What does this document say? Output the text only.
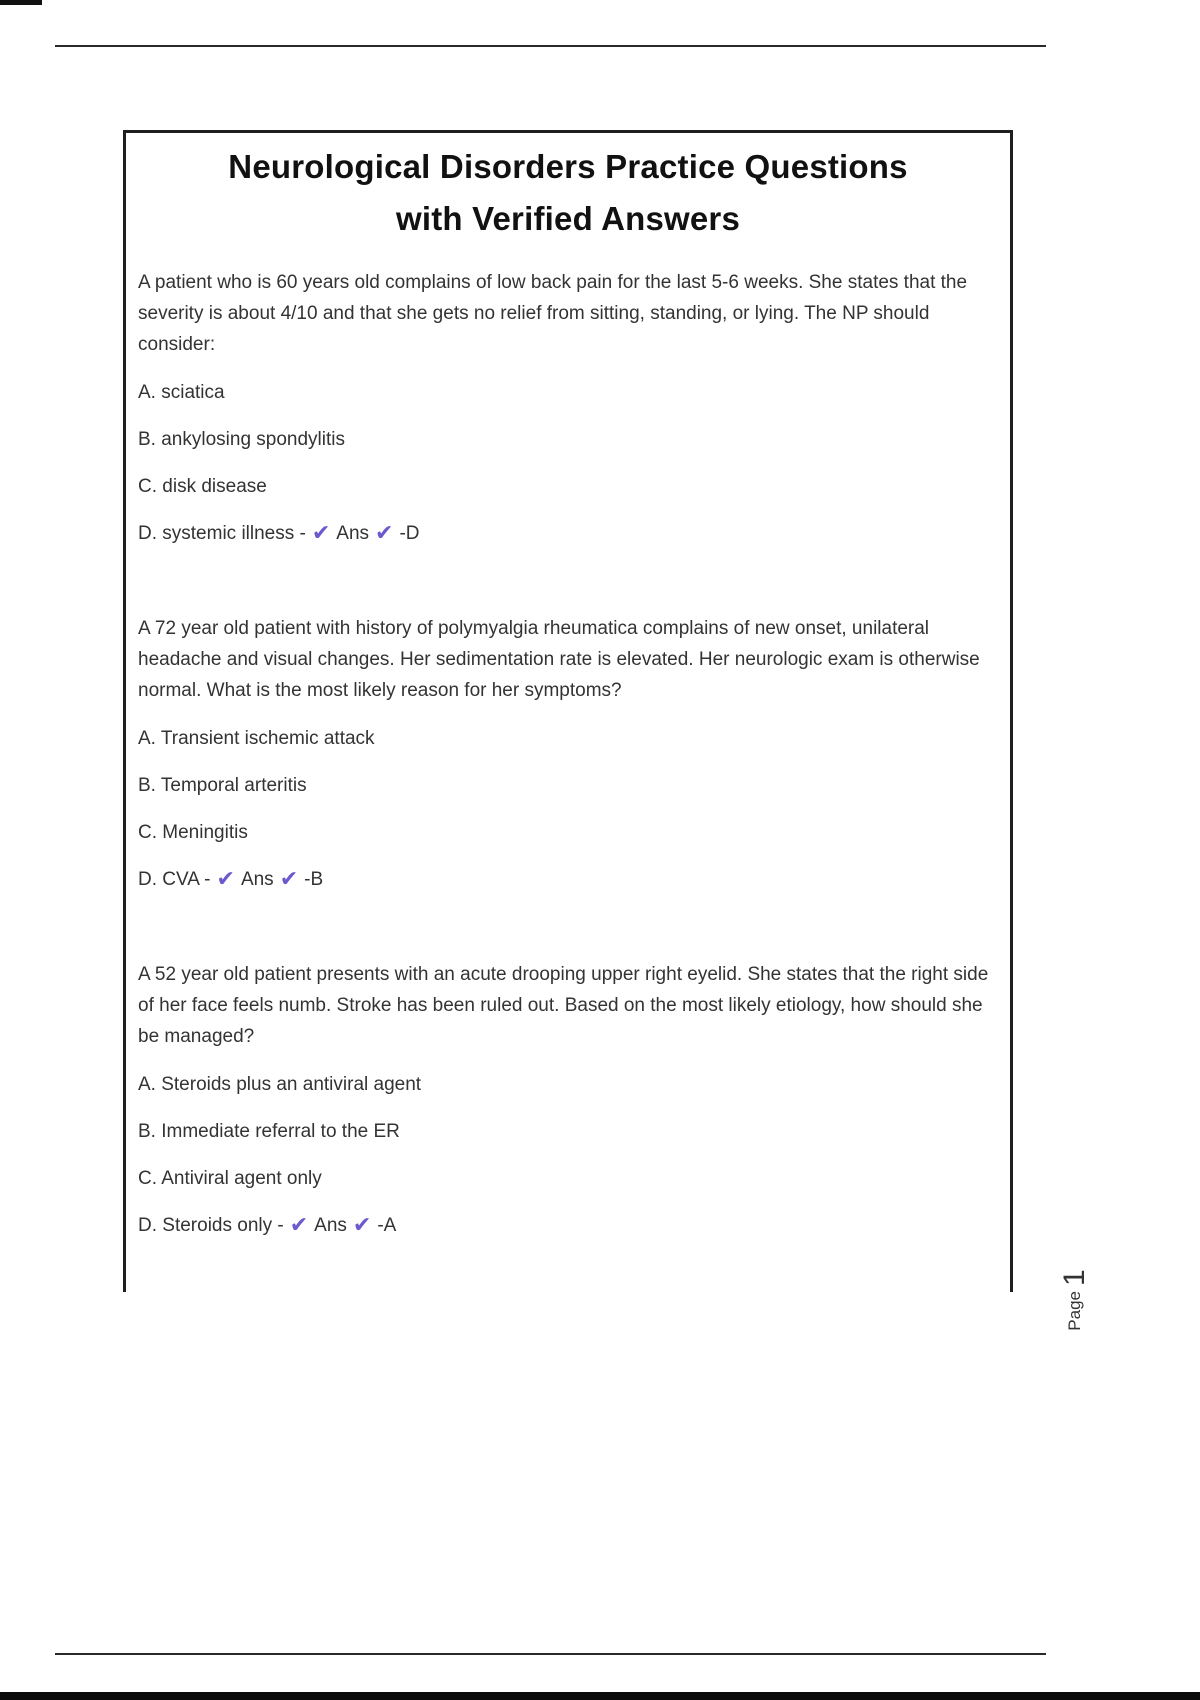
Neurological Disorders Practice Questions
with Verified Answers

A patient who is 60 years old complains of low back pain for the last 5-6 weeks. She states that the severity is about 4/10 and that she gets no relief from sitting, standing, or lying. The NP should consider:

A. sciatica

B. ankylosing spondylitis

C. disk disease

D. systemic illness - ✔ Ans ✔ -D

A 72 year old patient with history of polymyalgia rheumatica complains of new onset, unilateral headache and visual changes. Her sedimentation rate is elevated. Her neurologic exam is otherwise normal. What is the most likely reason for her symptoms?

A. Transient ischemic attack

B. Temporal arteritis

C. Meningitis

D. CVA - ✔ Ans ✔ -B

A 52 year old patient presents with an acute drooping upper right eyelid. She states that the right side of her face feels numb. Stroke has been ruled out. Based on the most likely etiology, how should she be managed?

A. Steroids plus an antiviral agent

B. Immediate referral to the ER

C. Antiviral agent only

D. Steroids only - ✔ Ans ✔ -A

Page
1
